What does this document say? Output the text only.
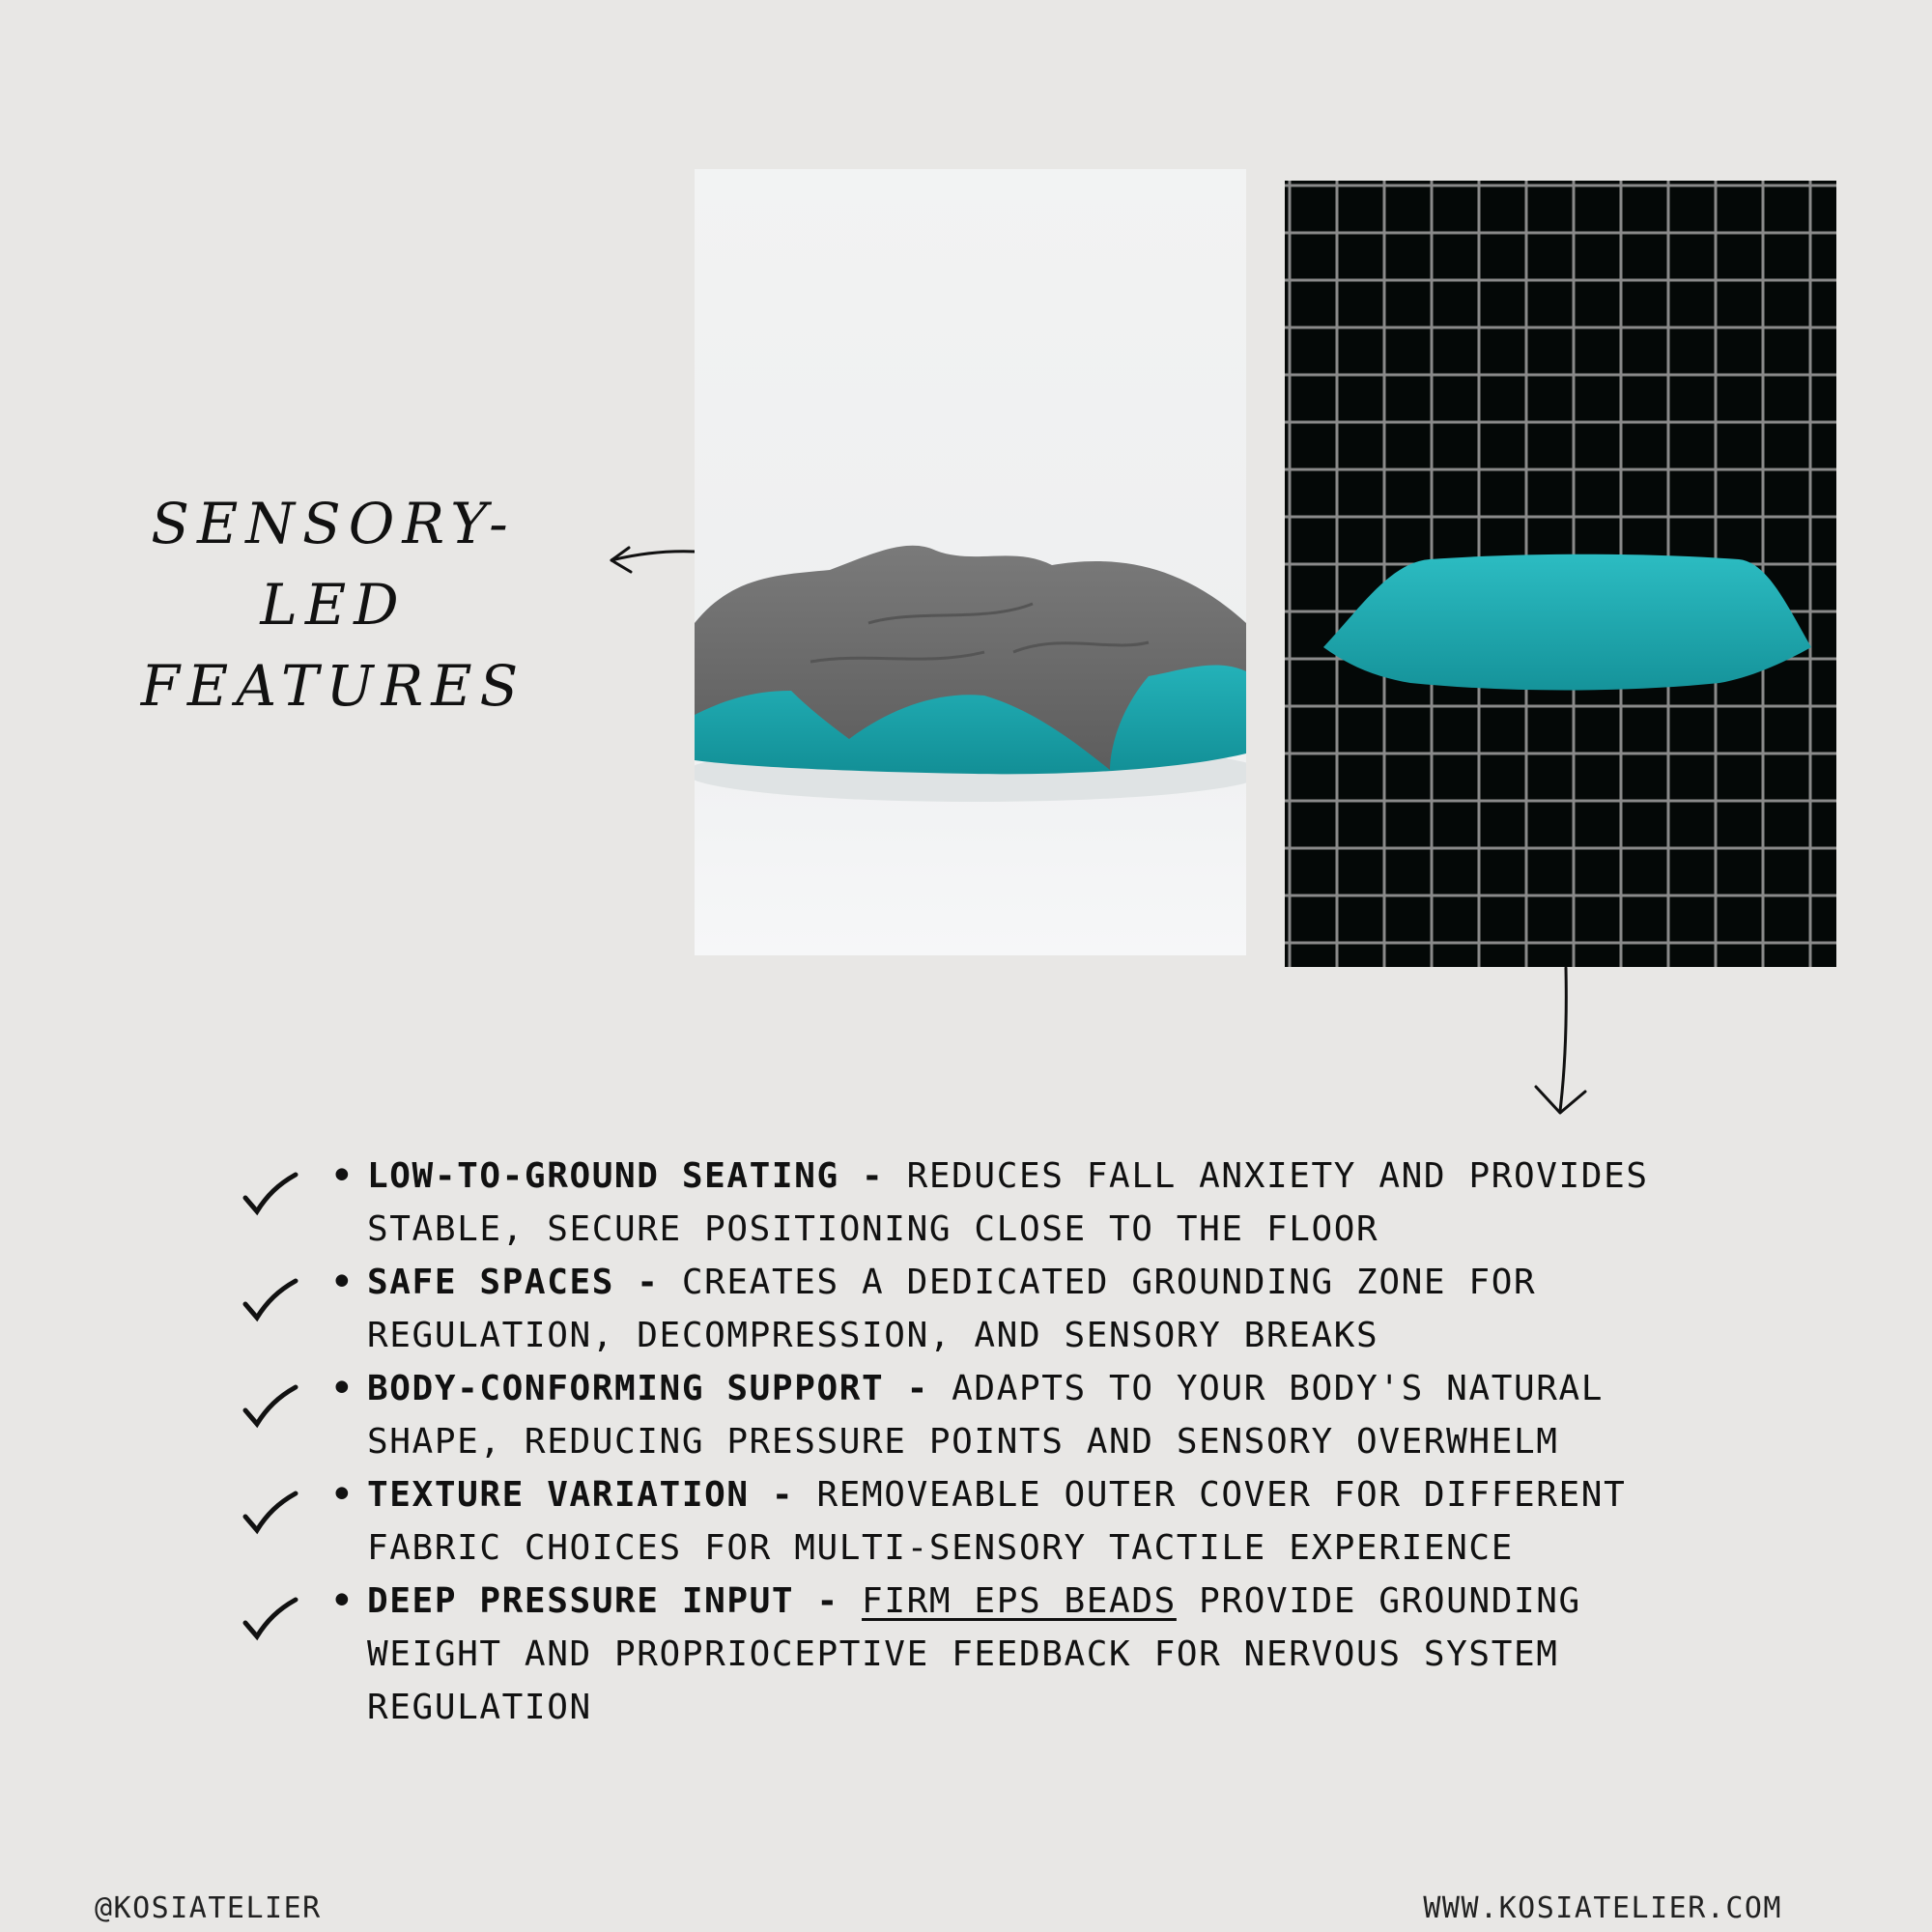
SENSORY-LED
FEATURES
• LOW-TO-GROUND SEATING - REDUCES FALL ANXIETY AND PROVIDES STABLE, SECURE POSITIONING CLOSE TO THE FLOOR
• SAFE SPACES - CREATES A DEDICATED GROUNDING ZONE FOR REGULATION, DECOMPRESSION, AND SENSORY BREAKS
• BODY-CONFORMING SUPPORT - ADAPTS TO YOUR BODY'S NATURAL SHAPE, REDUCING PRESSURE POINTS AND SENSORY OVERWHELM
• TEXTURE VARIATION - REMOVEABLE OUTER COVER FOR DIFFERENT FABRIC CHOICES FOR MULTI-SENSORY TACTILE EXPERIENCE
• DEEP PRESSURE INPUT - FIRM EPS BEADS PROVIDE GROUNDING WEIGHT AND PROPRIOCEPTIVE FEEDBACK FOR NERVOUS SYSTEM REGULATION
@KOSIATELIER	WWW.KOSIATELIER.COM
